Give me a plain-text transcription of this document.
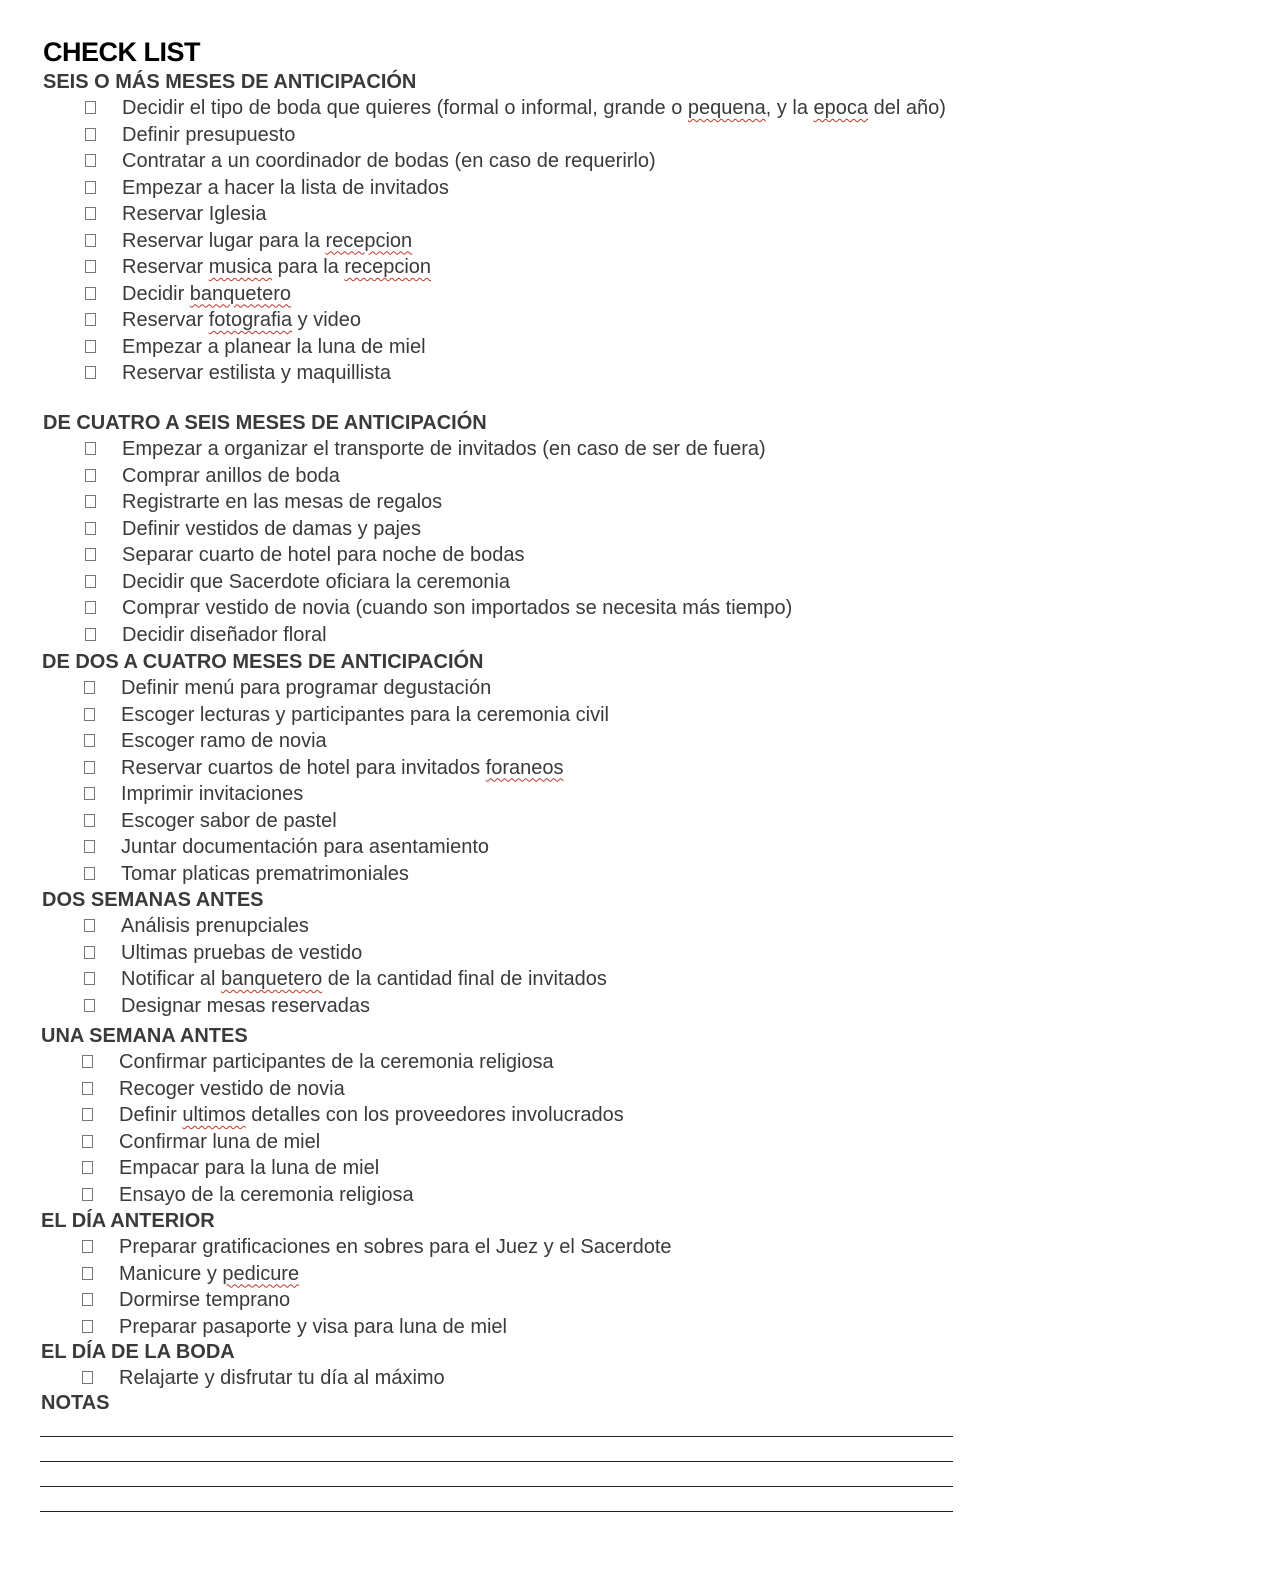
CHECK LIST
SEIS O MÁS MESES DE ANTICIPACIÓN
Decidir el tipo de boda que quieres (formal o informal, grande o pequena, y la epoca del año)
Definir presupuesto
Contratar a un coordinador de bodas (en caso de requerirlo)
Empezar a hacer la lista de invitados
Reservar Iglesia
Reservar lugar para la recepcion
Reservar musica para la recepcion
Decidir banquetero
Reservar fotografia y video
Empezar a planear la luna de miel
Reservar estilista y maquillista
DE CUATRO A SEIS MESES DE ANTICIPACIÓN
Empezar a organizar el transporte de invitados (en caso de ser de fuera)
Comprar anillos de boda
Registrarte en las mesas de regalos
Definir vestidos de damas y pajes
Separar cuarto de hotel para noche de bodas
Decidir que Sacerdote oficiara la ceremonia
Comprar vestido de novia (cuando son importados se necesita más tiempo)
Decidir diseñador floral
DE DOS A CUATRO MESES DE ANTICIPACIÓN
Definir menú para programar degustación
Escoger lecturas y participantes para la ceremonia civil
Escoger ramo de novia
Reservar cuartos de hotel para invitados foraneos
Imprimir invitaciones
Escoger sabor de pastel
Juntar documentación para asentamiento
Tomar platicas prematrimoniales
DOS SEMANAS ANTES
Análisis prenupciales
Ultimas pruebas de vestido
Notificar al banquetero de la cantidad final de invitados
Designar mesas reservadas
UNA SEMANA ANTES
Confirmar participantes de la ceremonia religiosa
Recoger vestido de novia
Definir ultimos detalles con los proveedores involucrados
Confirmar luna de miel
Empacar para la luna de miel
Ensayo de la ceremonia religiosa
EL DÍA ANTERIOR
Preparar gratificaciones en sobres para el Juez y el Sacerdote
Manicure y pedicure
Dormirse temprano
Preparar pasaporte y visa para luna de miel
EL DÍA DE LA BODA
Relajarte y disfrutar tu día al máximo
NOTAS
